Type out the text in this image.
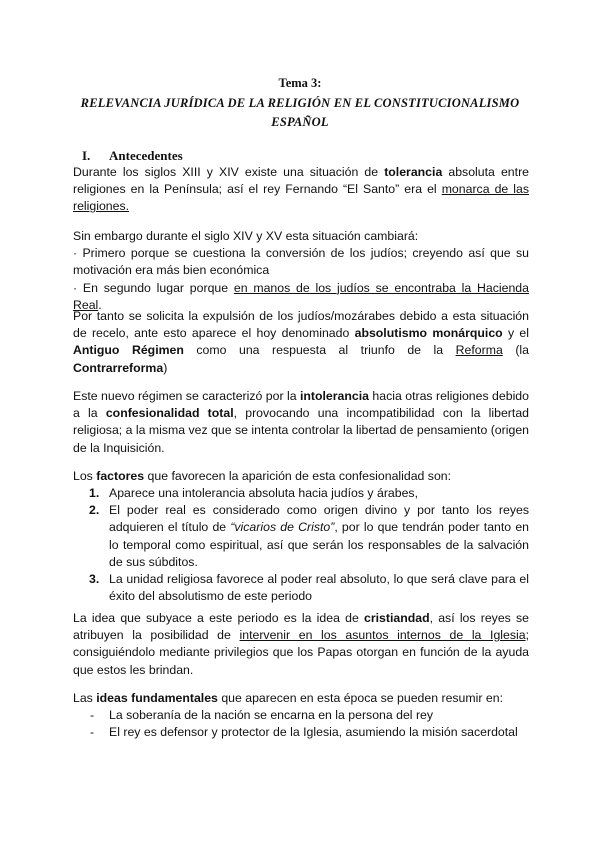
Tema 3:
RELEVANCIA JURÍDICA DE LA RELIGIÓN EN EL CONSTITUCIONALISMO
ESPAÑOL
I. Antecedentes

Durante los siglos XIII y XIV existe una situación de tolerancia absoluta entre religiones en la Península; así el rey Fernando “El Santo” era el monarca de las religiones.

Sin embargo durante el siglo XIV y XV esta situación cambiará:

· Primero porque se cuestiona la conversión de los judíos; creyendo así que su motivación era más bien económica

· En segundo lugar porque en manos de los judíos se encontraba la Hacienda Real.

Por tanto se solicita la expulsión de los judíos/mozárabes debido a esta situación de recelo, ante esto aparece el hoy denominado absolutismo monárquico y el Antiguo Régimen como una respuesta al triunfo de la Reforma (la Contrarreforma)

Este nuevo régimen se caracterizó por la intolerancia hacia otras religiones debido a la confesionalidad total, provocando una incompatibilidad con la libertad religiosa; a la misma vez que se intenta controlar la libertad de pensamiento (origen de la Inquisición.

Los factores que favorecen la aparición de esta confesionalidad son:

1. Aparece una intolerancia absoluta hacia judíos y árabes,
2. El poder real es considerado como origen divino y por tanto los reyes adquieren el título de “vicarios de Cristo”, por lo que tendrán poder tanto en lo temporal como espiritual, así que serán los responsables de la salvación de sus súbditos.
3. La unidad religiosa favorece al poder real absoluto, lo que será clave para el éxito del absolutismo de este periodo

La idea que subyace a este periodo es la idea de cristiandad, así los reyes se atribuyen la posibilidad de intervenir en los asuntos internos de la Iglesia; consiguiéndolo mediante privilegios que los Papas otorgan en función de la ayuda que estos les brindan.

Las ideas fundamentales que aparecen en esta época se pueden resumir en:

- La soberanía de la nación se encarna en la persona del rey
- El rey es defensor y protector de la Iglesia, asumiendo la misión sacerdotal
